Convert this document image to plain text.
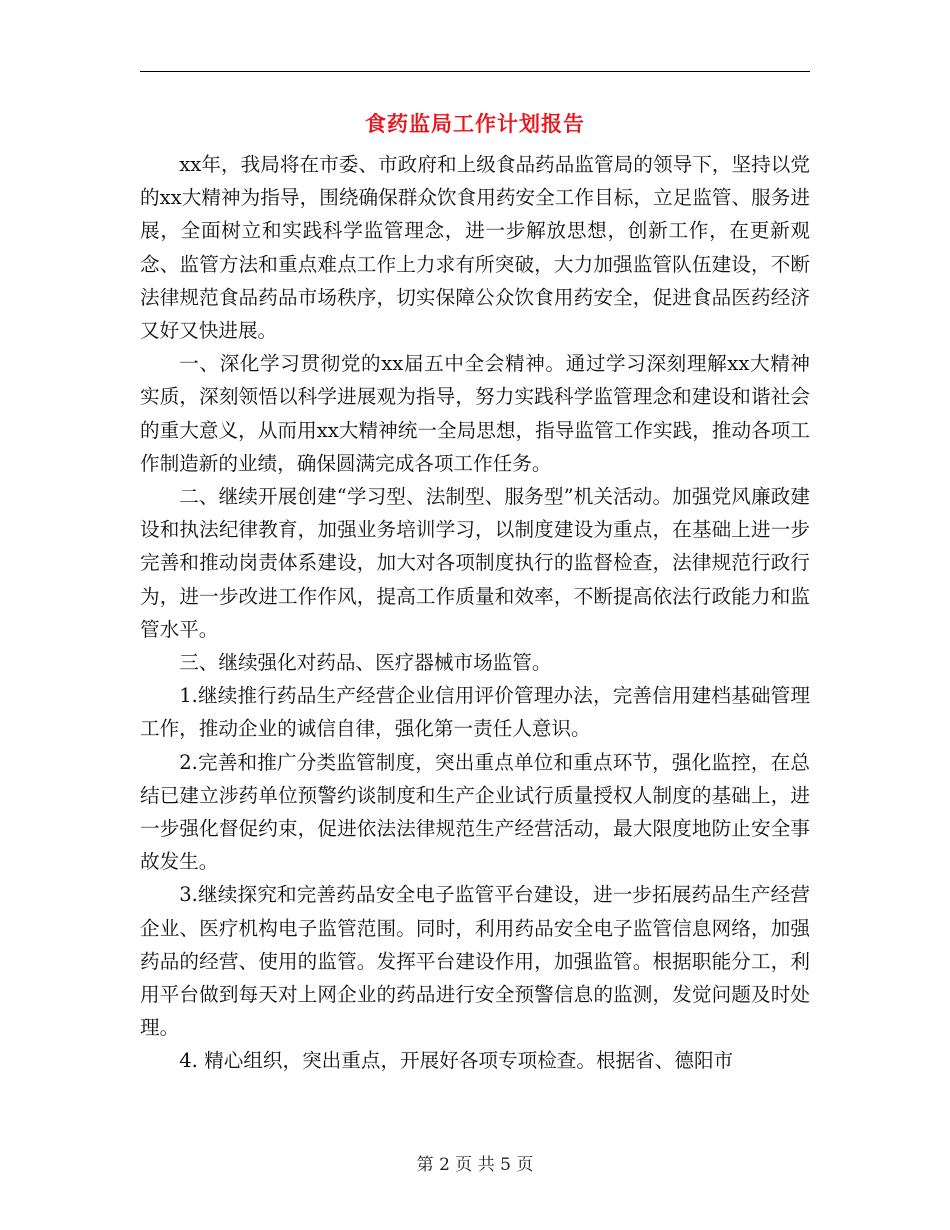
食药监局工作计划报告

xx年，我局将在市委、市政府和上级食品药品监管局的领导下，坚持以党的xx大精神为指导，围绕确保群众饮食用药安全工作目标，立足监管、服务进展，全面树立和实践科学监管理念，进一步解放思想，创新工作，在更新观念、监管方法和重点难点工作上力求有所突破，大力加强监管队伍建设，不断法律规范食品药品市场秩序，切实保障公众饮食用药安全，促进食品医药经济又好又快进展。

一、深化学习贯彻党的xx届五中全会精神。通过学习深刻理解xx大精神实质，深刻领悟以科学进展观为指导，努力实践科学监管理念和建设和谐社会的重大意义，从而用xx大精神统一全局思想，指导监管工作实践，推动各项工作制造新的业绩，确保圆满完成各项工作任务。

二、继续开展创建“学习型、法制型、服务型”机关活动。加强党风廉政建设和执法纪律教育，加强业务培训学习，以制度建设为重点，在基础上进一步完善和推动岗责体系建设，加大对各项制度执行的监督检查，法律规范行政行为，进一步改进工作作风，提高工作质量和效率，不断提高依法行政能力和监管水平。

三、继续强化对药品、医疗器械市场监管。

1.继续推行药品生产经营企业信用评价管理办法，完善信用建档基础管理工作，推动企业的诚信自律，强化第一责任人意识。

2.完善和推广分类监管制度，突出重点单位和重点环节，强化监控，在总结已建立涉药单位预警约谈制度和生产企业试行质量授权人制度的基础上，进一步强化督促约束，促进依法法律规范生产经营活动，最大限度地防止安全事故发生。

3.继续探究和完善药品安全电子监管平台建设，进一步拓展药品生产经营企业、医疗机构电子监管范围。同时，利用药品安全电子监管信息网络，加强药品的经营、使用的监管。发挥平台建设作用，加强监管。根据职能分工，利用平台做到每天对上网企业的药品进行安全预警信息的监测，发觉问题及时处理。

4. 精心组织，突出重点，开展好各项专项检查。根据省、德阳市

第 2 页 共 5 页
